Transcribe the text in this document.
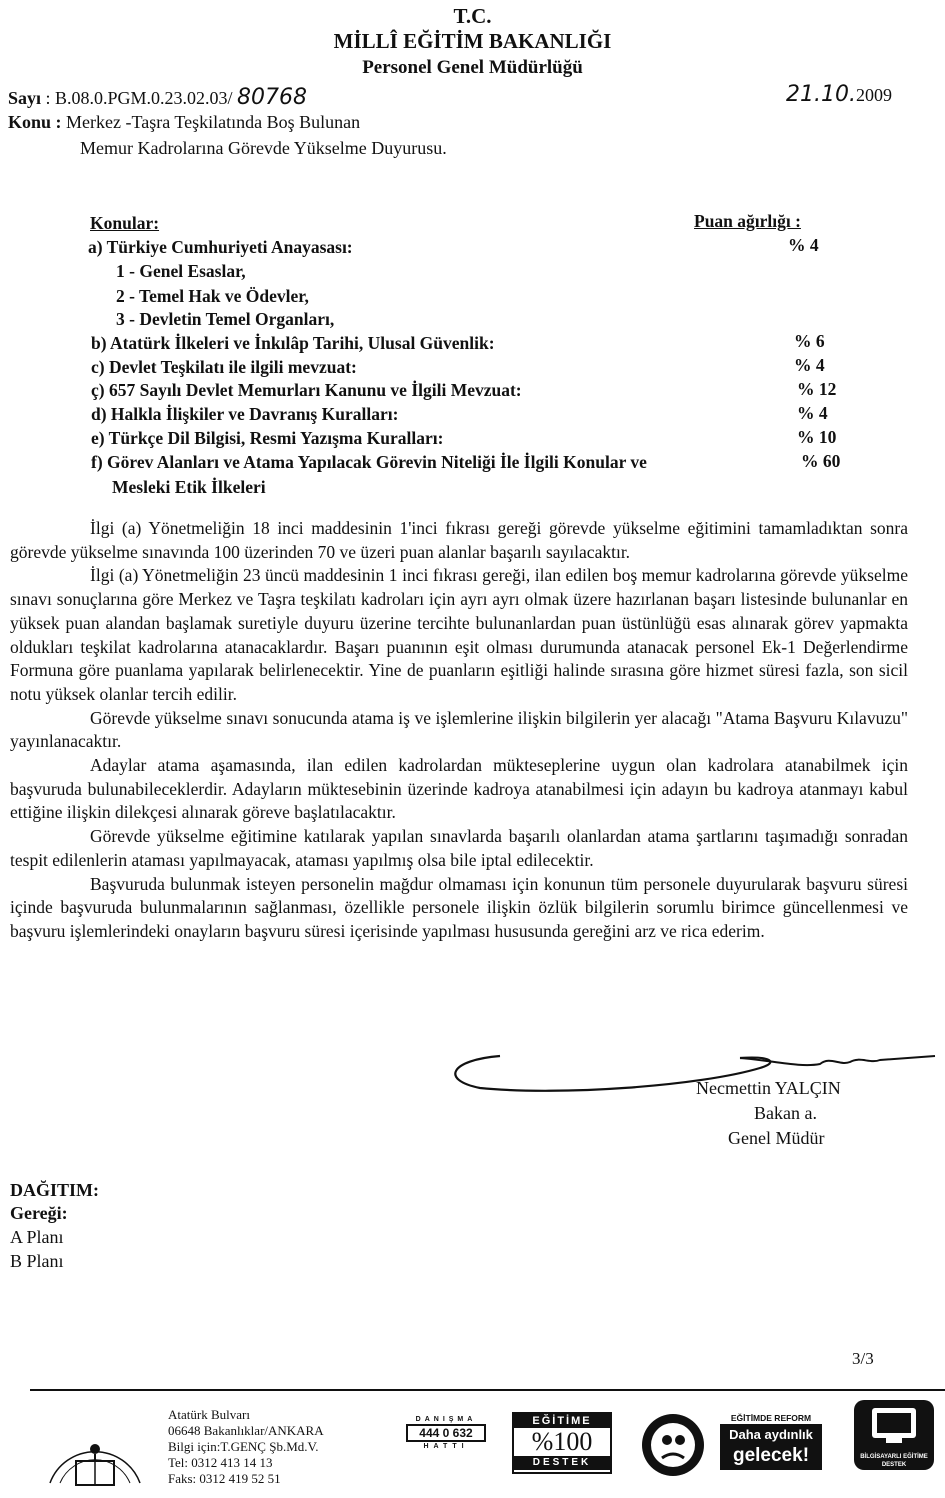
T.C.
MİLLÎ EĞİTİM BAKANLIĞI
Personel Genel Müdürlüğü
Sayı : B.08.0.PGM.0.23.02.03/ 80768	21.10.2009
Konu : Merkez -Taşra Teşkilatında Boş Bulunan
Memur Kadrolarına Görevde Yükselme Duyurusu.
Konular:	Puan ağırlığı :
a) Türkiye Cumhuriyeti Anayasası:	% 4
1 - Genel Esaslar,
2 - Temel Hak ve Ödevler,
3 - Devletin Temel Organları,
b) Atatürk İlkeleri ve İnkılâp Tarihi, Ulusal Güvenlik:	% 6
c) Devlet Teşkilatı ile ilgili mevzuat:	% 4
ç) 657 Sayılı Devlet Memurları Kanunu ve İlgili Mevzuat:	% 12
d) Halkla İlişkiler ve Davranış Kuralları:	% 4
e) Türkçe Dil Bilgisi, Resmi Yazışma Kuralları:	% 10
f) Görev Alanları ve Atama Yapılacak Görevin Niteliği İle İlgili Konular ve	% 60
Mesleki Etik İlkeleri

İlgi (a) Yönetmeliğin 18 inci maddesinin 1'inci fıkrası gereği görevde yükselme eğitimini tamamladıktan sonra görevde yükselme sınavında 100 üzerinden 70 ve üzeri puan alanlar başarılı sayılacaktır.

İlgi (a) Yönetmeliğin 23 üncü maddesinin 1 inci fıkrası gereği, ilan edilen boş memur kadrolarına görevde yükselme sınavı sonuçlarına göre Merkez ve Taşra teşkilatı kadroları için ayrı ayrı olmak üzere hazırlanan başarı listesinde bulunanlar en yüksek puan alandan başlamak suretiyle duyuru üzerine tercihte bulunanlardan puan üstünlüğü esas alınarak görev yapmakta oldukları teşkilat kadrolarına atanacaklardır. Başarı puanının eşit olması durumunda atanacak personel Ek-1 Değerlendirme Formuna göre puanlama yapılarak belirlenecektir. Yine de puanların eşitliği halinde sırasına göre hizmet süresi fazla, son sicil notu yüksek olanlar tercih edilir.

Görevde yükselme sınavı sonucunda atama iş ve işlemlerine ilişkin bilgilerin yer alacağı "Atama Başvuru Kılavuzu" yayınlanacaktır.

Adaylar atama aşamasında, ilan edilen kadrolardan mükteseplerine uygun olan kadrolara atanabilmek için başvuruda bulunabileceklerdir. Adayların müktesebinin üzerinde kadroya atanabilmesi için adayın bu kadroya atanmayı kabul ettiğine ilişkin dilekçesi alınarak göreve başlatılacaktır.

Görevde yükselme eğitimine katılarak yapılan sınavlarda başarılı olanlardan atama şartlarını taşımadığı sonradan tespit edilenlerin ataması yapılmayacak, ataması yapılmış olsa bile iptal edilecektir.

Başvuruda bulunmak isteyen personelin mağdur olmaması için konunun tüm personele duyurularak başvuru süresi içinde başvuruda bulunmalarının sağlanması, özellikle personele ilişkin özlük bilgilerin sorumlu birimce güncellenmesi ve başvuru işlemlerindeki onayların başvuru süresi içerisinde yapılması hususunda gereğini arz ve rica ederim.

Necmettin YALÇIN
Bakan a.
Genel Müdür
DAĞITIM:
Gereği:
A Planı
B Planı
3/3
Atatürk Bulvarı
06648 Bakanlıklar/ANKARA
Bilgi için:T.GENÇ Şb.Md.V.
Tel: 0312 413 14 13
Faks: 0312 419 52 51
DANIŞMA
444 0 632
HATTI
EĞİTİME
%100
DESTEK
EĞİTİMDE REFORM
Daha aydınlık
gelecek!	BİLGİSAYARLI EĞİTİME DESTEK
